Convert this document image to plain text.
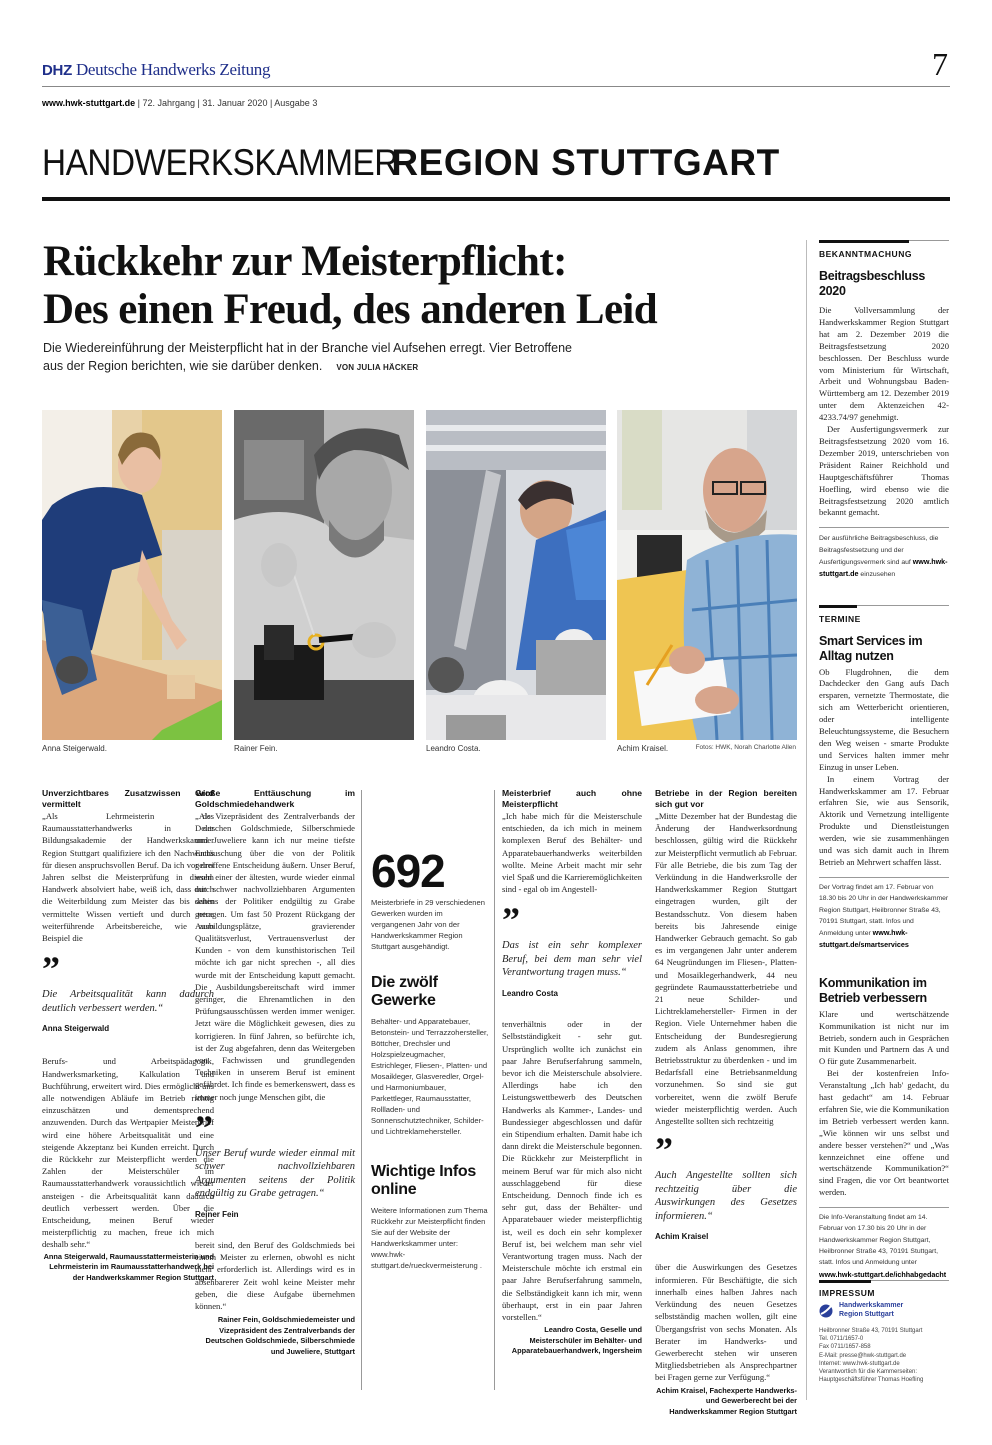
DHZ Deutsche Handwerks Zeitung	7
www.hwk-stuttgart.de | 72. Jahrgang | 31. Januar 2020 | Ausgabe 3
HANDWERKSKAMMERREGION STUTTGART
Rückkehr zur Meisterpflicht:
Des einen Freud, des anderen Leid
Die Wiedereinführung der Meisterpflicht hat in der Branche viel Aufsehen erregt. Vier Betroffene
aus der Region berichten, wie sie darüber denken. VON JULIA HÄCKER
Anna Steigerwald.	Rainer Fein.	Leandro Costa.	Achim Kraisel.	Fotos: HWK, Norah Charlotte Allen
Unverzichtbares Zusatzwissen wird vermittelt
„Als Lehrmeisterin des Raumausstatterhandwerks in der Bildungsakademie der Handwerkskammer Region Stuttgart qualifiziere ich den Nachwuchs für diesen anspruchsvollen Beruf. Da ich vor drei Jahren selbst die Meisterprüfung in diesem Handwerk absolviert habe, weiß ich, dass durch die Weiterbildung zum Meister das bis dahin vermittelte Wissen vertieft und durch neue weiterführende Arbeitsbereiche, wie zum Beispiel die
”
Die Arbeitsqualität kann dadurch deutlich verbessert werden.“
Anna Steigerwald
Berufs- und Arbeitspädagogik, Handwerksmarketing, Kalkulation und Buchführung, erweitert wird. Dies ermöglicht uns alle notwendigen Abläufe im Betrieb richtig einzuschätzen und dementsprechend anzuwenden. Durch das Wertpapier Meisterbrief wird eine höhere Arbeitsqualität und eine steigende Akzeptanz bei Kunden erreicht. Durch die Rückkehr zur Meisterpflicht werden die Zahlen der Meisterschüler im Raumausstatterhandwerk voraussichtlich wieder ansteigen - die Arbeitsqualität kann dadurch deutlich verbessert werden. Über die Entscheidung, meinen Beruf wieder meisterpflichtig zu machen, freue ich mich deshalb sehr.“
Anna Steigerwald, Raumausstattermeisterin und Lehrmeisterin im Raumausstatterhandwerk bei der Handwerkskammer Region Stuttgart
Große Enttäuschung im Goldschmiedehandwerk
„Als Vizepräsident des Zentralverbands der Deutschen Goldschmiede, Silberschmiede und Juweliere kann ich nur meine tiefste Enttäuschung über die von der Politik getroffene Entscheidung äußern. Unser Beruf, wohl einer der ältesten, wurde wieder einmal mit schwer nachvollziehbaren Argumenten seitens der Politiker endgültig zu Grabe getragen. Um fast 50 Prozent Rückgang der Ausbildungsplätze, gravierender Qualitätsverlust, Vertrauensverlust der Kunden - von dem kunsthistorischen Teil möchte ich gar nicht sprechen -, all dies wurde mit der Entscheidung kaputt gemacht. Die Ausbildungsbereitschaft wird immer geringer, die Ehrenamtlichen in den Prüfungsausschüssen werden immer weniger. Jetzt wäre die Möglichkeit gewesen, dies zu korrigieren. In fünf Jahren, so befürchte ich, ist der Zug abgefahren, denn das Weitergeben von Fachwissen und grundlegenden Techniken in unserem Beruf ist eminent gefährdet. Ich finde es bemerkenswert, dass es immer noch junge Menschen gibt, die
”
Unser Beruf wurde wieder einmal mit schwer nachvollziehbaren Argumenten seitens der Politik endgültig zu Grabe getragen.“
Reiner Fein
bereit sind, den Beruf des Goldschmieds bei einem Meister zu erlernen, obwohl es nicht mehr erforderlich ist. Allerdings wird es in absehbarerer Zeit wohl keine Meister mehr geben, die diese Aufgabe übernehmen können.“
Rainer Fein, Goldschmiedemeister und Vizepräsident des Zentralverbands der Deutschen Goldschmiede, Silberschmiede und Juweliere, Stuttgart
692
Meisterbriefe in 29 verschiedenen Gewerken wurden im vergangenen Jahr von der Handwerkskammer Region Stuttgart ausgehändigt.
Die zwölf Gewerke
Behälter- und Apparatebauer, Betonstein- und Terrazzohersteller, Böttcher, Drechsler und Holzspielzeugmacher, Estrichleger, Fliesen-, Platten- und Mosaikleger, Glasveredler, Orgel- und Harmoniumbauer, Parkettleger, Raumausstatter, Rollladen- und Sonnenschutztechniker, Schilder- und Lichtreklamehersteller.
Wichtige Infos online
Weitere Informationen zum Thema Rückkehr zur Meisterpflicht finden Sie auf der Website der Handwerkskammer unter: www.hwk-stuttgart.de/rueckvermeisterung .
Meisterbrief auch ohne Meisterpflicht
„Ich habe mich für die Meisterschule entschieden, da ich mich in meinem komplexen Beruf des Behälter- und Apparatebauerhandwerks weiterbilden wollte. Meine Arbeit macht mir sehr viel Spaß und die Karrieremöglichkeiten sind - egal ob im Angestell-
”
Das ist ein sehr komplexer Beruf, bei dem man sehr viel Verantwortung tragen muss.“
Leandro Costa
tenverhältnis oder in der Selbstständigkeit - sehr gut. Ursprünglich wollte ich zunächst ein paar Jahre Berufserfahrung sammeln, bevor ich die Meisterschule absolviere. Allerdings habe ich den Leistungswettbewerb des Deutschen Handwerks als Kammer-, Landes- und Bundessieger abgeschlossen und dafür ein Stipendium erhalten. Damit habe ich dann direkt die Meisterschule begonnen. Die Rückkehr zur Meisterpflicht in meinem Beruf war für mich also nicht ausschlaggebend für diese Entscheidung. Dennoch finde ich es sehr gut, dass der Behälter- und Apparatebauer wieder meisterpflichtig ist, weil es doch ein sehr komplexer Beruf ist, bei welchem man sehr viel Verantwortung tragen muss. Nach der Meisterschule möchte ich erstmal ein paar Jahre Berufserfahrung sammeln, die Selbständigkeit kann ich mir, wenn überhaupt, erst in ein paar Jahren vorstellen.“
Leandro Costa, Geselle und Meisterschüler im Behälter- und Apparatebauerhandwerk, Ingersheim
Betriebe in der Region bereiten sich gut vor
„Mitte Dezember hat der Bundestag die Änderung der Handwerksordnung beschlossen, gültig wird die Rückkehr zur Meisterpflicht vermutlich ab Februar. Für alle Betriebe, die bis zum Tag der Verkündung in die Handwerksrolle der Handwerkskammer Region Stuttgart eingetragen wurden, gilt der Bestandsschutz. Von diesem haben bereits bis Jahresende einige Handwerker Gebrauch gemacht. So gab es im vergangenen Jahr unter anderem 64 Neugründungen im Fliesen-, Platten- und Mosaiklegerhandwerk, 44 neu gegründete Raumausstatterbetriebe und 21 neue Schilder- und Lichtreklamehersteller- Firmen in der Region. Viele Unternehmer haben die Entscheidung der Bundesregierung zudem als Anlass genommen, ihre Betriebsstruktur zu überdenken - und im Bedarfsfall eine Betriebsanmeldung vorzunehmen. So sind sie gut vorbereitet, wenn die zwölf Berufe wieder meisterpflichtig werden. Auch Angestellte sollten sich rechtzeitig
”
Auch Angestellte sollten sich rechtzeitig über die Auswirkungen des Gesetzes informieren.“
Achim Kraisel
über die Auswirkungen des Gesetzes informieren. Für Beschäftigte, die sich innerhalb eines halben Jahres nach Verkündung des neuen Gesetzes selbstständig machen wollen, gilt eine Übergangsfrist von sechs Monaten. Als Berater im Handwerks- und Gewerberecht stehen wir unseren Mitgliedsbetrieben als Ansprechpartner bei Fragen gerne zur Verfügung.“
Achim Kraisel, Fachexperte Handwerks- und Gewerberecht bei der Handwerkskammer Region Stuttgart
BEKANNTMACHUNG
Beitragsbeschluss 2020
Die Vollversammlung der Handwerkskammer Region Stuttgart hat am 2. Dezember 2019 die Beitragsfestsetzung 2020 beschlossen. Der Beschluss wurde vom Ministerium für Wirtschaft, Arbeit und Wohnungsbau Baden-Württemberg am 12. Dezember 2019 unter dem Aktenzeichen 42-4233.74/97 genehmigt.
Der Ausfertigungsvermerk zur Beitragsfestsetzung 2020 vom 16. Dezember 2019, unterschrieben von Präsident Rainer Reichhold und Hauptgeschäftsführer Thomas Hoefling, wird ebenso wie die Beitragsfestsetzung 2020 amtlich bekannt gemacht.
Der ausführliche Beitragsbeschluss, die Beitragsfestsetzung und der Ausfertigungsvermerk sind auf www.hwk-stuttgart.de einzusehen
TERMINE
Smart Services im Alltag nutzen
Ob Flugdrohnen, die dem Dachdecker den Gang aufs Dach ersparen, vernetzte Thermostate, die sich am Wetterbericht orientieren, oder intelligente Beleuchtungssysteme, die Besuchern den Weg weisen - smarte Produkte und Services halten immer mehr Einzug in unser Leben.
In einem Vortrag der Handwerkskammer am 17. Februar erfahren Sie, wie aus Sensorik, Aktorik und Vernetzung intelligente Produkte und Dienstleistungen werden, wie sie zusammenhängen und was sich damit auch in Ihrem Betrieb an Mehrwert schaffen lässt.
Der Vortrag findet am 17. Februar von 18.30 bis 20 Uhr in der Handwerkskammer Region Stuttgart, Heilbronner Straße 43, 70191 Stuttgart, statt. Infos und Anmeldung unter www.hwk-stuttgart.de/smartservices
Kommunikation im Betrieb verbessern
Klare und wertschätzende Kommunikation ist nicht nur im Betrieb, sondern auch in Gesprächen mit Kunden und Partnern das A und O für gute Zusammenarbeit.
Bei der kostenfreien Info-Veranstaltung „Ich hab' gedacht, du hast gedacht“ am 14. Februar erfahren Sie, wie die Kommunikation im Betrieb verbessert werden kann. „Wie können wir uns selbst und andere besser verstehen?“ und „Was kennzeichnet eine offene und wertschätzende Kommunikation?“ sind Fragen, die vor Ort beantwortet werden.
Die Info-Veranstaltung findet am 14. Februar von 17.30 bis 20 Uhr in der Handwerkskammer Region Stuttgart, Heilbronner Straße 43, 70191 Stuttgart, statt. Infos und Anmeldung unter www.hwk-stuttgart.de/ichhabgedacht
IMPRESSUM
Handwerkskammer
Region Stuttgart
Heilbronner Straße 43, 70191 Stuttgart
Tel. 0711/1657-0
Fax 0711/1657-858
E-Mail: presse@hwk-stuttgart.de
Internet: www.hwk-stuttgart.de
Verantwortlich für die Kammerseiten:
Hauptgeschäftsführer Thomas Hoefling
